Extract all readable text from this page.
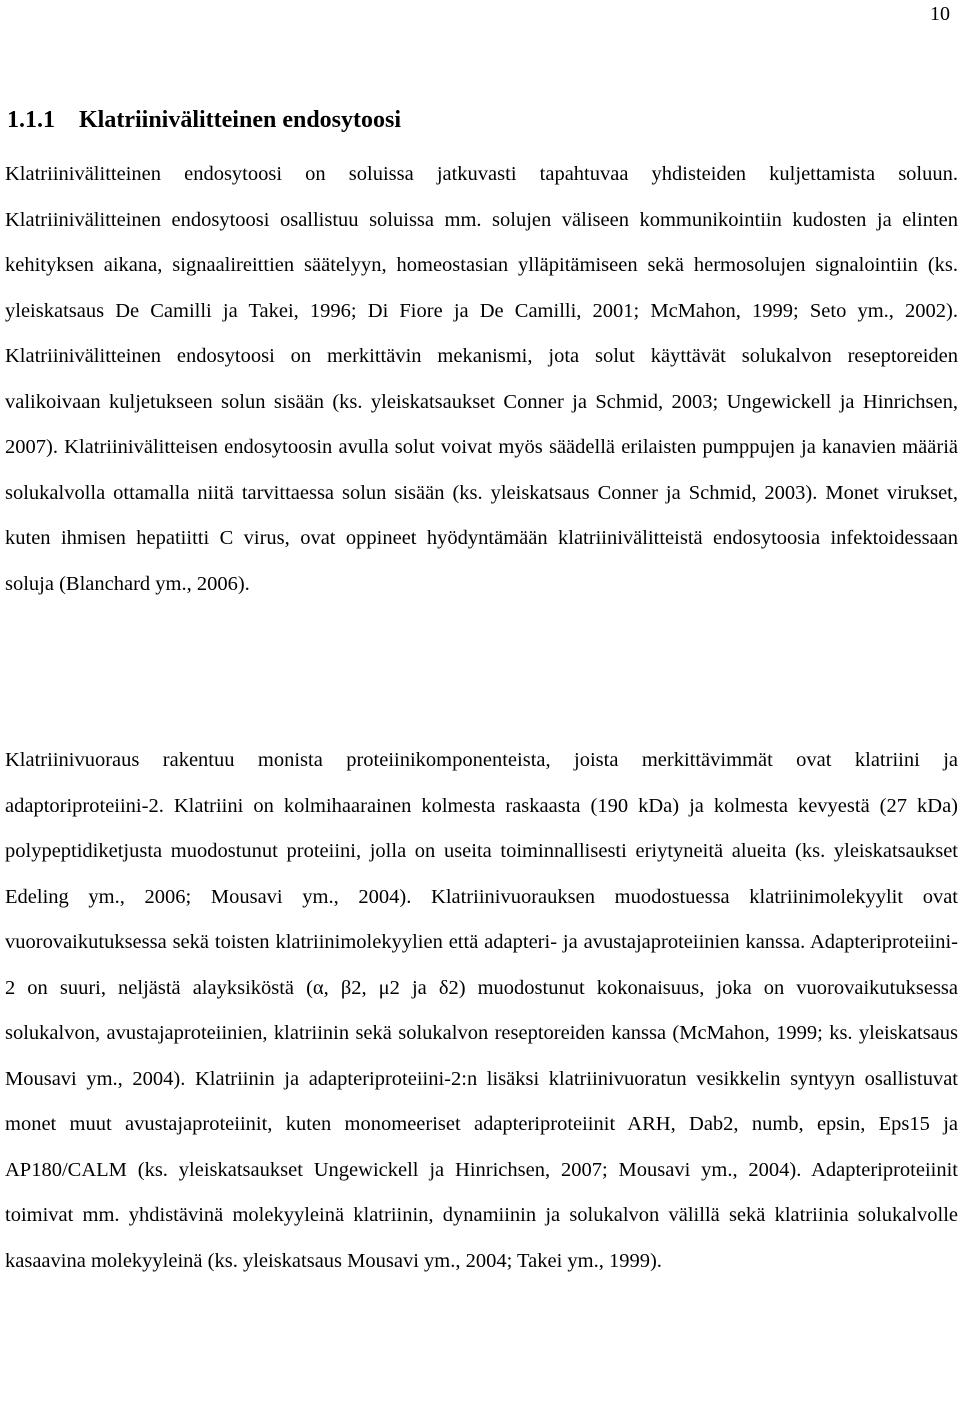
10
1.1.1 Klatriinivälitteinen endosytoosi

Klatriinivälitteinen endosytoosi on soluissa jatkuvasti tapahtuvaa yhdisteiden kuljettamista soluun. Klatriinivälitteinen endosytoosi osallistuu soluissa mm. solujen väliseen kommunikointiin kudosten ja elinten kehityksen aikana, signaalireittien säätelyyn, homeostasian ylläpitämiseen sekä hermosolujen signalointiin (ks. yleiskatsaus De Camilli ja Takei, 1996; Di Fiore ja De Camilli, 2001; McMahon, 1999; Seto ym., 2002). Klatriinivälitteinen endosytoosi on merkittävin mekanismi, jota solut käyttävät solukalvon reseptoreiden valikoivaan kuljetukseen solun sisään (ks. yleiskatsaukset Conner ja Schmid, 2003; Ungewickell ja Hinrichsen, 2007). Klatriinivälitteisen endosytoosin avulla solut voivat myös säädellä erilaisten pumppujen ja kanavien määriä solukalvolla ottamalla niitä tarvittaessa solun sisään (ks. yleiskatsaus Conner ja Schmid, 2003). Monet virukset, kuten ihmisen hepatiitti C virus, ovat oppineet hyödyntämään klatriinivälitteistä endosytoosia infektoidessaan soluja (Blanchard ym., 2006).

Klatriinivuoraus rakentuu monista proteiinikomponenteista, joista merkittävimmät ovat klatriini ja adaptoriproteiini-2. Klatriini on kolmihaarainen kolmesta raskaasta (190 kDa) ja kolmesta kevyestä (27 kDa) polypeptidiketjusta muodostunut proteiini, jolla on useita toiminnallisesti eriytyneitä alueita (ks. yleiskatsaukset Edeling ym., 2006; Mousavi ym., 2004). Klatriinivuorauksen muodostuessa klatriinimolekyylit ovat vuorovaikutuksessa sekä toisten klatriinimolekyylien että adapteri- ja avustajaproteiinien kanssa. Adapteriproteiini-2 on suuri, neljästä alayksiköstä (α, β2, μ2 ja δ2) muodostunut kokonaisuus, joka on vuorovaikutuksessa solukalvon, avustajaproteiinien, klatriinin sekä solukalvon reseptoreiden kanssa (McMahon, 1999; ks. yleiskatsaus Mousavi ym., 2004). Klatriinin ja adapteriproteiini-2:n lisäksi klatriinivuoratun vesikkelin syntyyn osallistuvat monet muut avustajaproteiinit, kuten monomeeriset adapteriproteiinit ARH, Dab2, numb, epsin, Eps15 ja AP180/CALM (ks. yleiskatsaukset Ungewickell ja Hinrichsen, 2007; Mousavi ym., 2004). Adapteriproteiinit toimivat mm. yhdistävinä molekyyleinä klatriinin, dynamiinin ja solukalvon välillä sekä klatriinia solukalvolle kasaavina molekyyleinä (ks. yleiskatsaus Mousavi ym., 2004; Takei ym., 1999).
